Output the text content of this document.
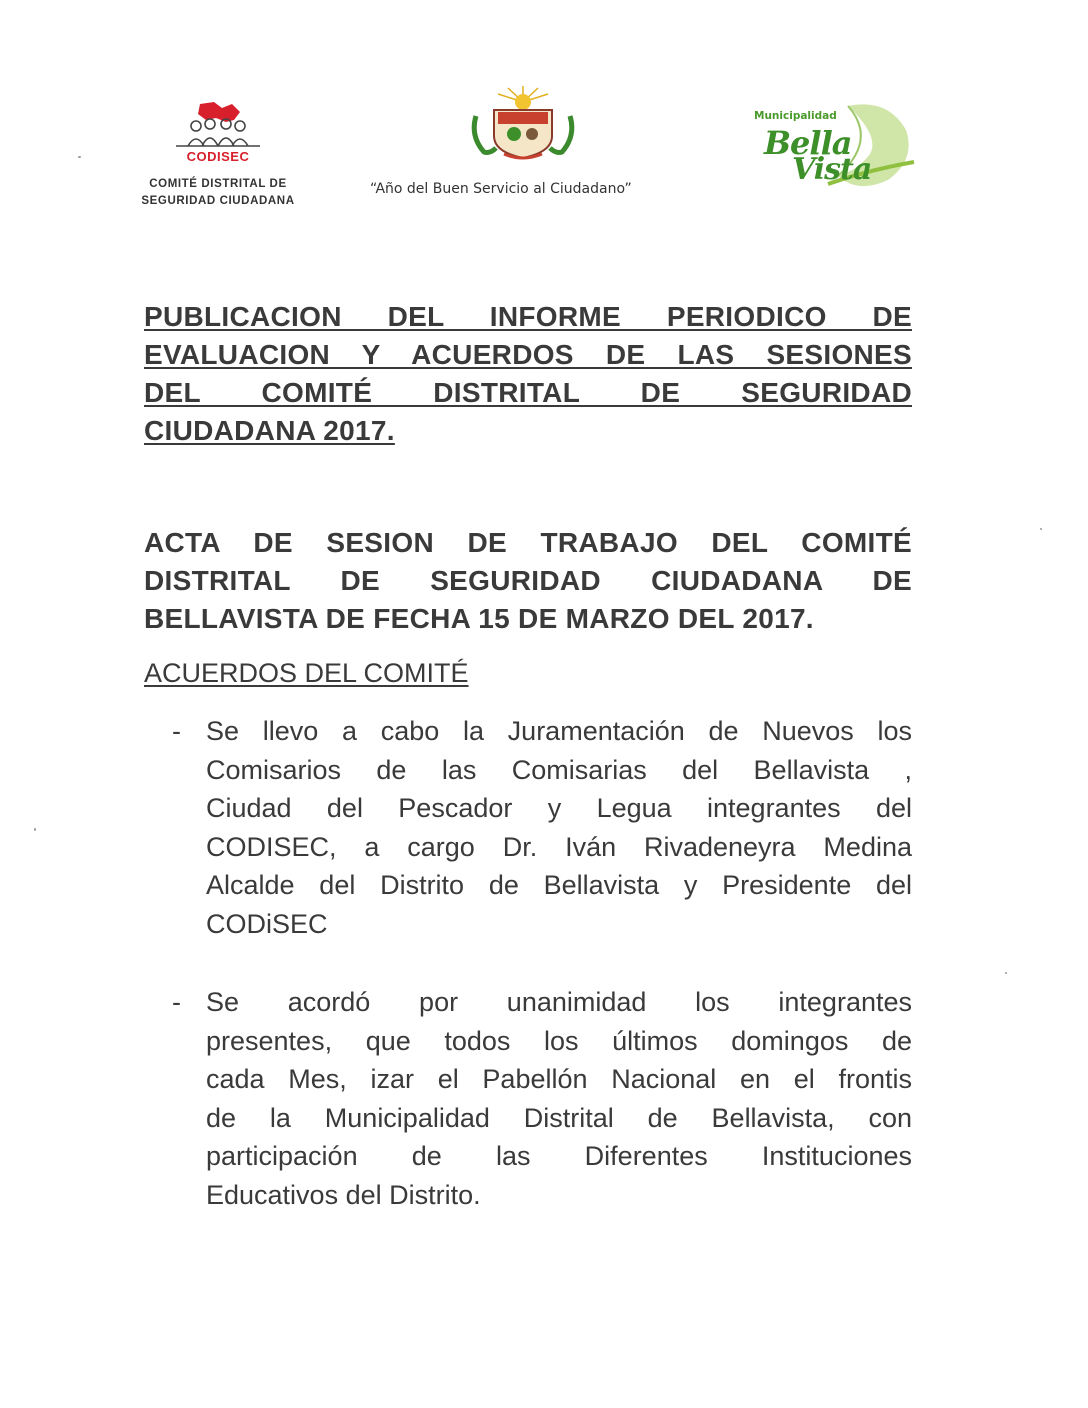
CODISEC
COMITÉ DISTRITAL DE
SEGURIDAD CIUDADANA
“Año del Buen Servicio al Ciudadano”
Municipalidad
Bella
Vista
PUBLICACION DEL INFORME PERIODICO DE
EVALUACION Y ACUERDOS DE LAS SESIONES
DEL COMITÉ DISTRITAL DE SEGURIDAD
CIUDADANA 2017.
ACTA DE SESION DE TRABAJO DEL COMITÉ
DISTRITAL DE SEGURIDAD CIUDADANA DE
BELLAVISTA DE FECHA 15 DE MARZO DEL 2017.
ACUERDOS DEL COMITÉ
- Se llevo a cabo la Juramentación de Nuevos los
Comisarios de las Comisarias del Bellavista ,
Ciudad del Pescador y Legua integrantes del
CODISEC, a cargo Dr. Iván Rivadeneyra Medina
Alcalde del Distrito de Bellavista y Presidente del
CODiSEC
- Se acordó por unanimidad los integrantes
presentes, que todos los últimos domingos de
cada Mes, izar el Pabellón Nacional en el frontis
de la Municipalidad Distrital de Bellavista, con
participación de las Diferentes Instituciones
Educativos del Distrito.
